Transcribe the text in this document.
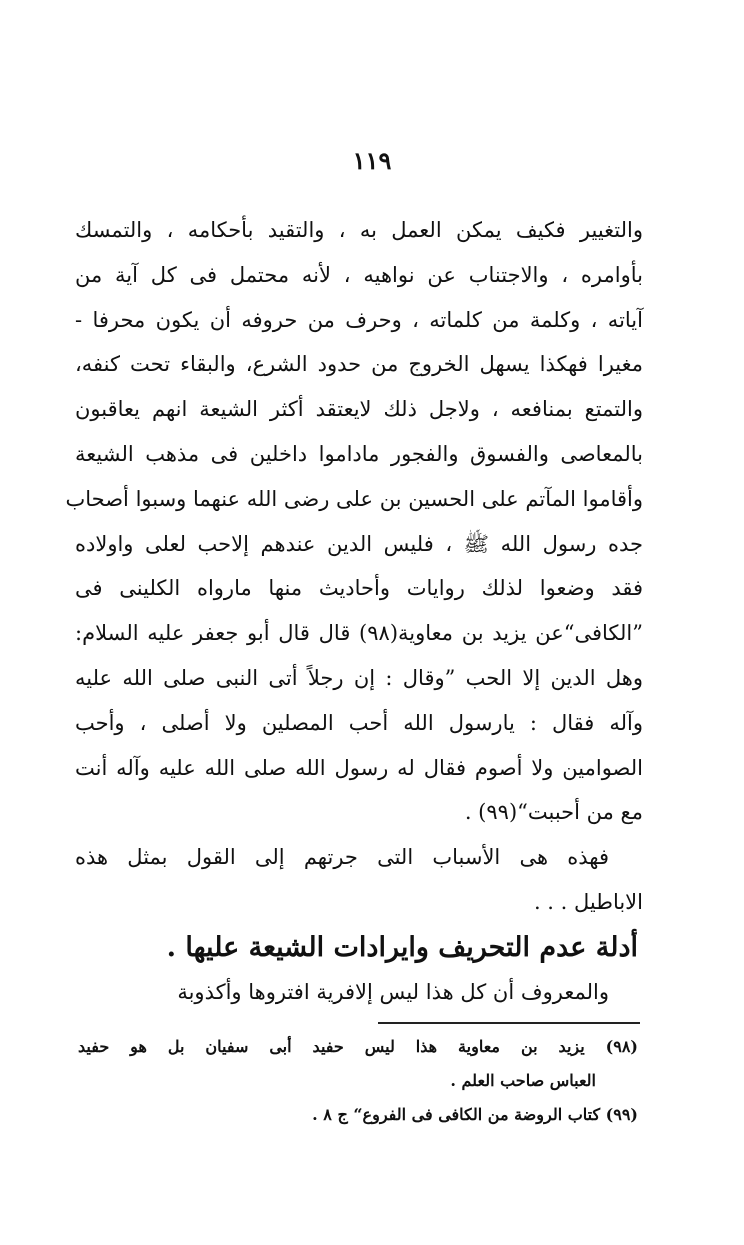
١١٩
والتغيير فكيف يمكن العمل به ، والتقيد بأحكامه ، والتمسك
بأوامره ، والاجتناب عن نواهيه ، لأنه محتمل فى كل آية من
آياته ، وكلمة من كلماته ، وحرف من حروفه أن يكون محرفا -
مغيرا فهكذا يسهل الخروج من حدود الشرع، والبقاء تحت كنفه،
والتمتع بمنافعه ، ولاجل ذلك لايعتقد أكثر الشيعة انهم يعاقبون
بالمعاصى والفسوق والفجور ماداموا داخلين فى مذهب الشيعة
وأقاموا المآتم على الحسين بن على رضى الله عنهما وسبوا أصحاب
جده رسول الله ﷺ ، فليس الدين عندهم إلاحب لعلى واولاده
فقد وضعوا لذلك روايات وأحاديث منها مارواه الكلينى فى
”الكافى“عن يزيد بن معاوية(٩٨) قال قال أبو جعفر عليه السلام:
وهل الدين إلا الحب ”وقال : إن رجلاً أتى النبى صلى الله عليه
وآله فقال : يارسول الله أحب المصلين ولا أصلى ، وأحب
الصوامين ولا أصوم فقال له رسول الله صلى الله عليه وآله أنت
مع من أحببت“(٩٩) .
فهذه هى الأسباب التى جرتهم إلى القول بمثل هذه
الاباطيل . . .
أدلة عدم التحريف وايرادات الشيعة عليها .
والمعروف أن كل هذا ليس إلافرية افتروها وأكذوبة
(٩٨) يزيد بن معاوية هذا ليس حفيد أبى سفيان بل هو حفيد
العباس صاحب العلم .
(٩٩) كتاب الروضة من الكافى فى الفروع“ ج ٨ .
